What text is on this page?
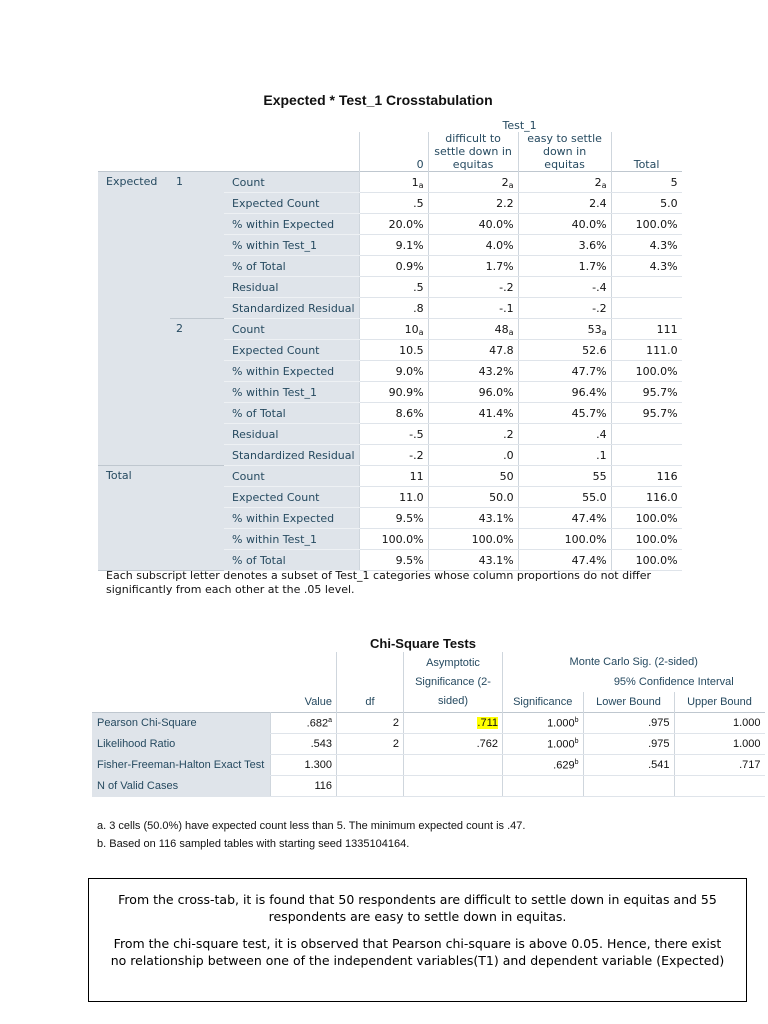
Expected * Test_1 Crosstabulation
				Test_1		
			0	difficult to settle down in equitas	easy to settle down in equitas	Total
Expected	1	Count	$1_a$	$2_a$	$2_a$	5
		Expected Count	.5	2.2	2.4	5.0
		% within Expected	20.0%	40.0%	40.0%	100.0%
		% within Test_1	9.1%	4.0%	3.6%	4.3%
		% of Total	0.9%	1.7%	1.7%	4.3%
		Residual	.5	-.2	-.4	
		Standardized Residual	.8	-.1	-.2	
	2	Count	$10_a$	$48_a$	$53_a$	111
		Expected Count	10.5	47.8	52.6	111.0
		% within Expected	9.0%	43.2%	47.7%	100.0%
		% within Test_1	90.9%	96.0%	96.4%	95.7%
		% of Total	8.6%	41.4%	45.7%	95.7%
		Residual	-.5	.2	.4	
		Standardized Residual	-.2	.0	.1	
Total		Count	11	50	55	116
		Expected Count	11.0	50.0	55.0	116.0
		% within Expected	9.5%	43.1%	47.4%	100.0%
		% within Test_1	100.0%	100.0%	100.0%	100.0%
		% of Total	9.5%	43.1%	47.4%	100.0%
Each subscript letter denotes a subset of Test_1 categories whose column proportions do not differ significantly from each other at the .05 level.
Chi-Square Tests
			Asymptotic Significance (2-sided)	Monte Carlo Sig. (2-sided)		
					95% Confidence Interval	
	Value	df		Significance	Lower Bound	Upper Bound
Pearson Chi-Square	.682$^a$	2	.711	1.000$^b$	.975	1.000
Likelihood Ratio	.543	2	.762	1.000$^b$	.975	1.000
Fisher-Freeman-Halton Exact Test	1.300			.629$^b$	.541	.717
N of Valid Cases	116					
a. 3 cells (50.0%) have expected count less than 5. The minimum expected count is .47.
b. Based on 116 sampled tables with starting seed 1335104164.

From the cross-tab, it is found that 50 respondents are difficult to settle down in equitas and 55 respondents are easy to settle down in equitas.

From the chi-square test, it is observed that Pearson chi-square is above 0.05. Hence, there exist no relationship between one of the independent variables(T1) and dependent variable (Expected)
